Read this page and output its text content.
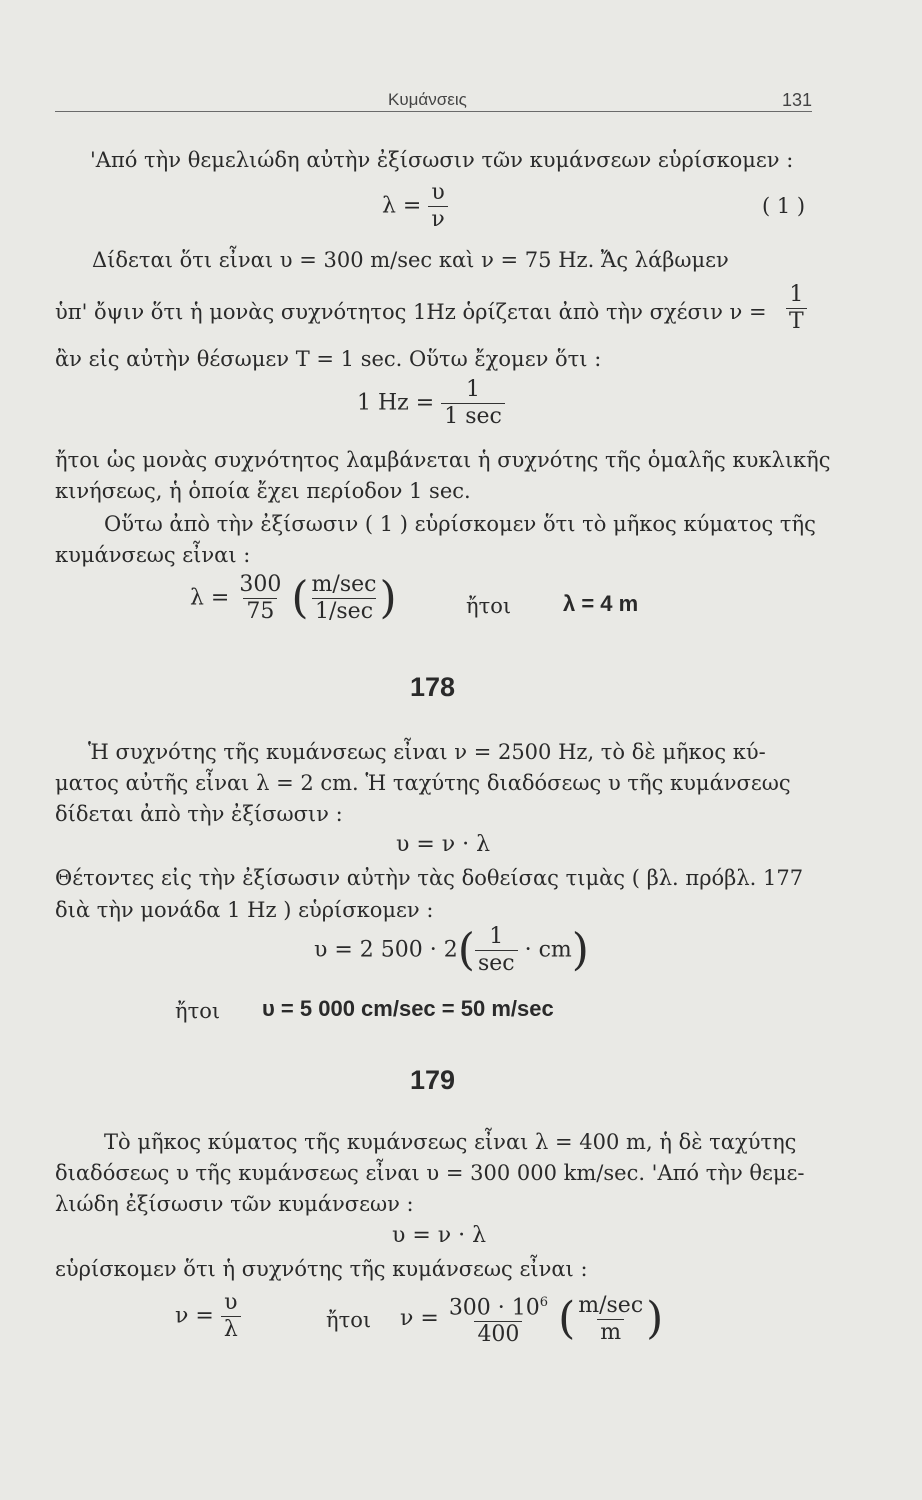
Κυμάνσεις	131
'Από τὴν θεμελιώδη αὐτὴν ἐξίσωσιν τῶν κυμάνσεων εὑρίσκομεν :
$\lambda = \frac{\upsilon}{\nu}$	( 1 )
Δίδεται ὅτι εἶναι υ = 300 m/sec καὶ ν = 75 Hz. Ἄς λάβωμεν
ὑπ' ὄψιν ὅτι ἡ μονὰς συχνότητος 1Hz ὁρίζεται ἀπὸ τὴν σχέσιν $\nu = \frac{1}{T}$
ἂν εἰς αὐτὴν θέσωμεν T = 1 sec. Οὕτω ἔχομεν ὅτι :
1 $Hz = \frac{1}{1 \sec}$
ἤτοι ὡς μονὰς συχνότητος λαμβάνεται ἡ συχνότης τῆς ὁμαλῆς κυκλικῆς
κινήσεως, ἡ ὁποία ἔχει περίοδον 1 sec.
Οὕτω ἀπὸ τὴν ἐξίσωσιν ( 1 ) εὑρίσκομεν ὅτι τὸ μῆκος κύματος τῆς
κυμάνσεως εἶναι :
$\lambda = \frac{300}{75}$ ( $\frac{m/\sec}{1/\sec}$ )	ἤτοι λ = 4 m
178
Ἡ συχνότης τῆς κυμάνσεως εἶναι ν = 2500 Hz, τὸ δὲ μῆκος κύ-
ματος αὐτῆς εἶναι λ = 2 cm. Ἡ ταχύτης διαδόσεως υ τῆς κυμάνσεως
δίδεται ἀπὸ τὴν ἐξίσωσιν :
υ = ν · λ
Θέτοντες εἰς τὴν ἐξίσωσιν αὐτὴν τὰς δοθείσας τιμὰς ( βλ. πρόβλ. 177
διὰ τὴν μονάδα 1 Hz ) εὑρίσκομεν :
υ = 2 $500 \cdot 2( \frac{1}{\sec} \cdot cm)$
ἤτοι υ = 5 000 cm/sec = 50 m/sec
179
Τὸ μῆκος κύματος τῆς κυμάνσεως εἶναι λ = 400 m, ἡ δὲ ταχύτης
διαδόσεως υ τῆς κυμάνσεως εἶναι υ = 300 000 km/sec. 'Από τὴν θεμε-
λιώδη ἐξίσωσιν τῶν κυμάνσεων :
υ = ν · λ
εὑρίσκομεν ὅτι ἡ συχνότης τῆς κυμάνσεως εἶναι :
$\nu = \frac{\upsilon}{\lambda}$	ἤτοι $\nu = \frac{300 \cdot 10^6}{400}$ ( $\frac{m/\sec}{m}$ )
